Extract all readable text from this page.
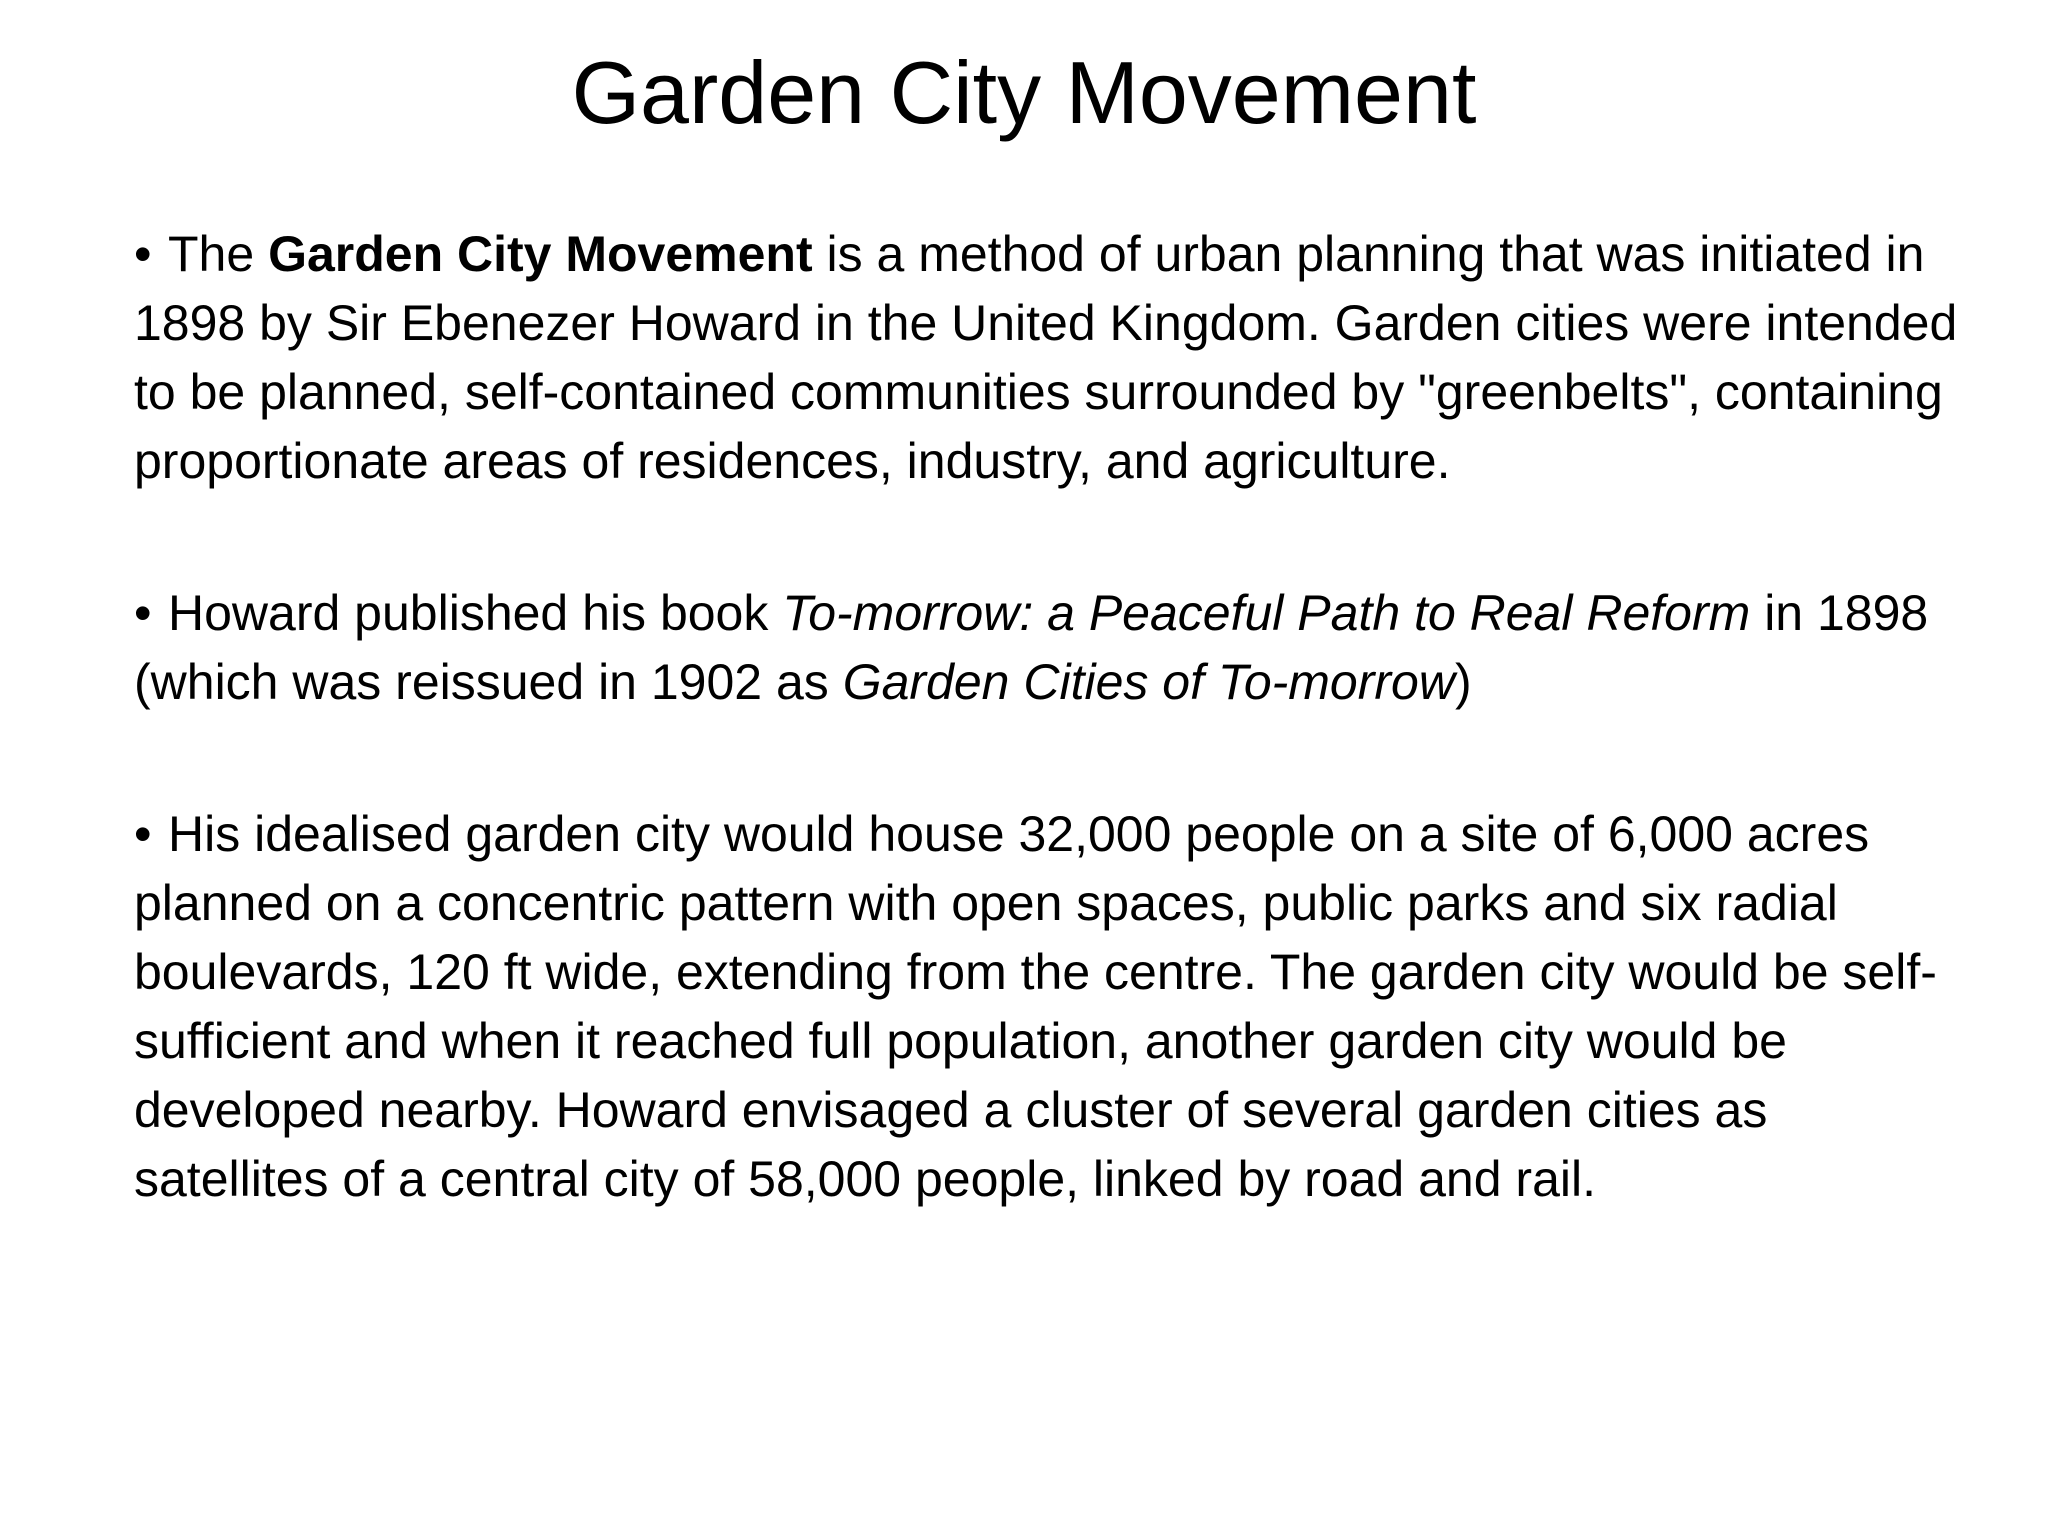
Garden City Movement

• The Garden City Movement is a method of urban planning that was initiated in 1898 by Sir Ebenezer Howard in the United Kingdom. Garden cities were intended to be planned, self-contained communities surrounded by "greenbelts", containing proportionate areas of residences, industry, and agriculture.

• Howard published his book To-morrow: a Peaceful Path to Real Reform in 1898 (which was reissued in 1902 as Garden Cities of To-morrow)

• His idealised garden city would house 32,000 people on a site of 6,000 acres planned on a concentric pattern with open spaces, public parks and six radial boulevards, 120 ft wide, extending from the centre. The garden city would be self-sufficient and when it reached full population, another garden city would be developed nearby. Howard envisaged a cluster of several garden cities as satellites of a central city of 58,000 people, linked by road and rail.
